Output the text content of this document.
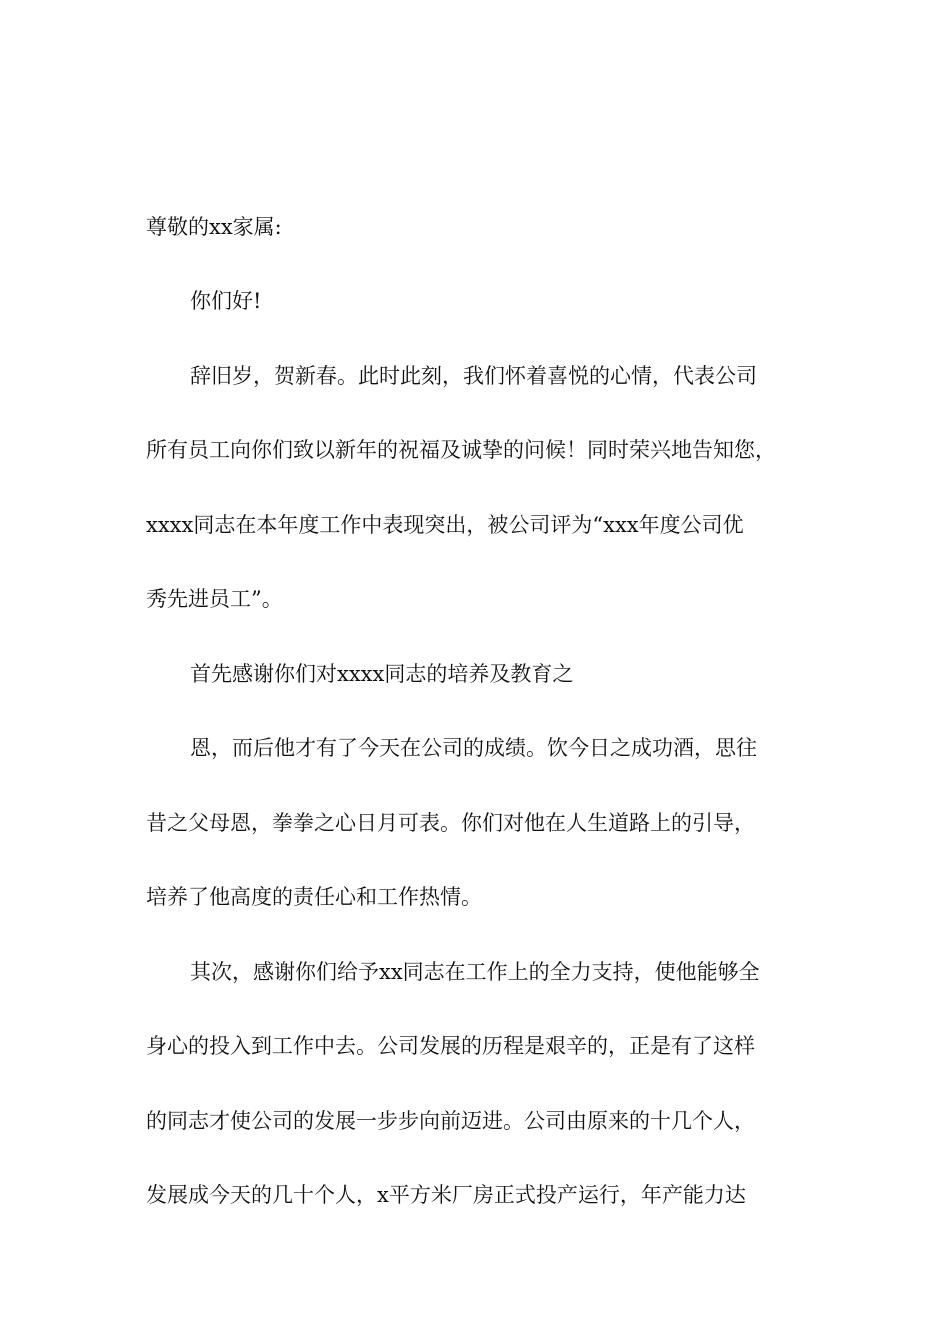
尊敬的xx家属:
你们好!
辞旧岁，贺新春。此时此刻，我们怀着喜悦的心情，代表公司
所有员工向你们致以新年的祝福及诚挚的问候！同时荣兴地告知您，
xxxx同志在本年度工作中表现突出，被公司评为“xxx年度公司优
秀先进员工”。
首先感谢你们对xxxx同志的培养及教育之
恩，而后他才有了今天在公司的成绩。饮今日之成功酒，思往
昔之父母恩，拳拳之心日月可表。你们对他在人生道路上的引导，
培养了他高度的责任心和工作热情。
其次，感谢你们给予xx同志在工作上的全力支持，使他能够全
身心的投入到工作中去。公司发展的历程是艰辛的，正是有了这样
的同志才使公司的发展一步步向前迈进。公司由原来的十几个人，
发展成今天的几十个人，x平方米厂房正式投产运行，年产能力达
